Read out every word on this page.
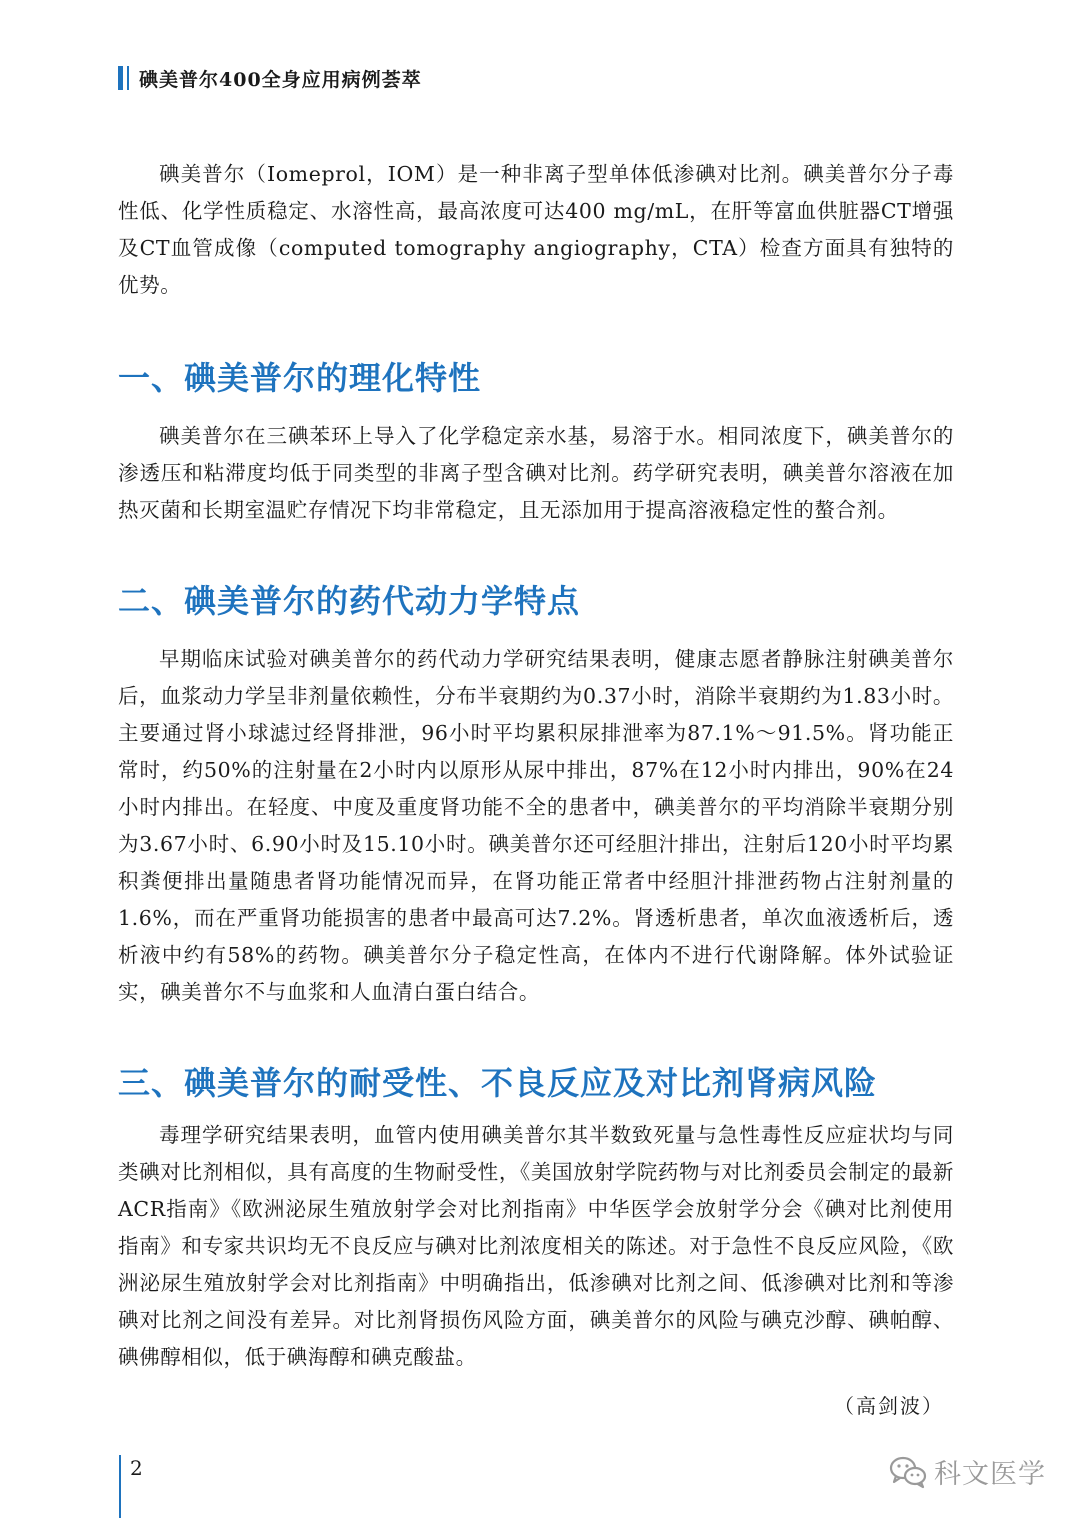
碘美普尔400全身应用病例荟萃

碘美普尔（Iomeprol，IOM）是一种非离子型单体低渗碘对比剂。碘美普尔分子毒性低、化学性质稳定、水溶性高，最高浓度可达400 mg/mL，在肝等富血供脏器CT增强及CT血管成像（computed tomography angiography，CTA）检查方面具有独特的优势。

一、碘美普尔的理化特性

碘美普尔在三碘苯环上导入了化学稳定亲水基，易溶于水。相同浓度下，碘美普尔的渗透压和粘滞度均低于同类型的非离子型含碘对比剂。药学研究表明，碘美普尔溶液在加热灭菌和长期室温贮存情况下均非常稳定，且无添加用于提高溶液稳定性的螯合剂。

二、碘美普尔的药代动力学特点

早期临床试验对碘美普尔的药代动力学研究结果表明，健康志愿者静脉注射碘美普尔后，血浆动力学呈非剂量依赖性，分布半衰期约为0.37小时，消除半衰期约为1.83小时。主要通过肾小球滤过经肾排泄，96小时平均累积尿排泄率为87.1%～91.5%。肾功能正常时，约50%的注射量在2小时内以原形从尿中排出，87%在12小时内排出，90%在24小时内排出。在轻度、中度及重度肾功能不全的患者中，碘美普尔的平均消除半衰期分别为3.67小时、6.90小时及15.10小时。碘美普尔还可经胆汁排出，注射后120小时平均累积粪便排出量随患者肾功能情况而异，在肾功能正常者中经胆汁排泄药物占注射剂量的1.6%，而在严重肾功能损害的患者中最高可达7.2%。肾透析患者，单次血液透析后，透析液中约有58%的药物。碘美普尔分子稳定性高，在体内不进行代谢降解。体外试验证实，碘美普尔不与血浆和人血清白蛋白结合。

三、碘美普尔的耐受性、不良反应及对比剂肾病风险

毒理学研究结果表明，血管内使用碘美普尔其半数致死量与急性毒性反应症状均与同类碘对比剂相似，具有高度的生物耐受性，《美国放射学院药物与对比剂委员会制定的最新ACR指南》《欧洲泌尿生殖放射学会对比剂指南》中华医学会放射学分会《碘对比剂使用指南》和专家共识均无不良反应与碘对比剂浓度相关的陈述。对于急性不良反应风险，《欧洲泌尿生殖放射学会对比剂指南》中明确指出，低渗碘对比剂之间、低渗碘对比剂和等渗碘对比剂之间没有差异。对比剂肾损伤风险方面，碘美普尔的风险与碘克沙醇、碘帕醇、碘佛醇相似，低于碘海醇和碘克酸盐。

（高剑波）
2	科文医学
